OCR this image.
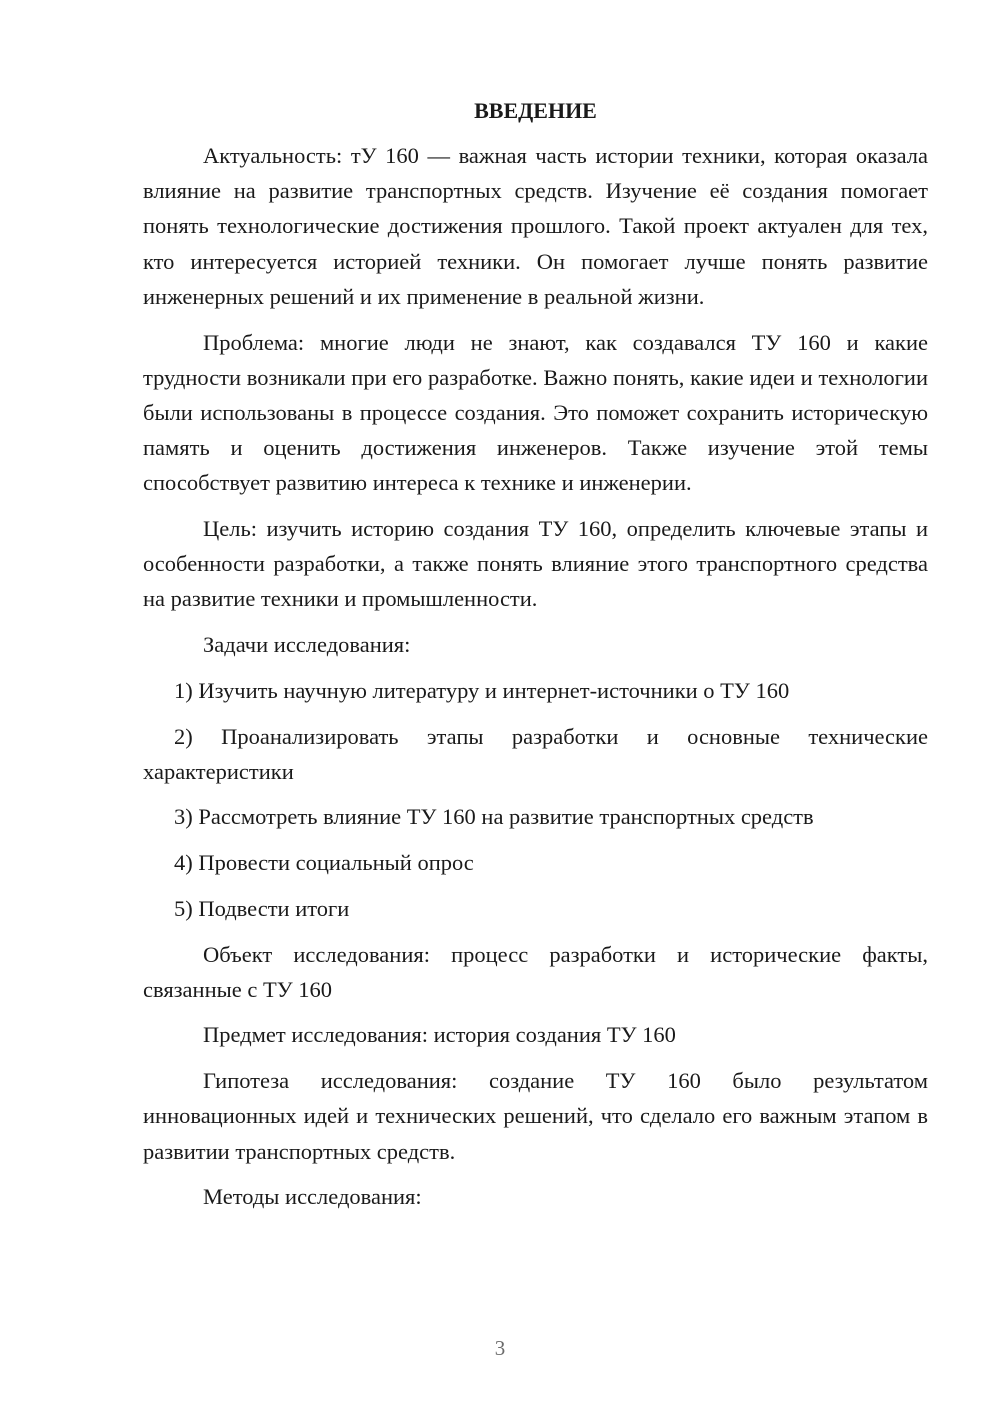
ВВЕДЕНИЕ

Актуальность: тУ 160 — важная часть истории техники, которая оказала влияние на развитие транспортных средств. Изучение её создания помогает понять технологические достижения прошлого. Такой проект актуален для тех, кто интересуется историей техники. Он помогает лучше понять развитие инженерных решений и их применение в реальной жизни.

Проблема: многие люди не знают, как создавался ТУ 160 и какие трудности возникали при его разработке. Важно понять, какие идеи и технологии были использованы в процессе создания. Это поможет сохранить историческую память и оценить достижения инженеров. Также изучение этой темы способствует развитию интереса к технике и инженерии.

Цель: изучить историю создания ТУ 160, определить ключевые этапы и особенности разработки, а также понять влияние этого транспортного средства на развитие техники и промышленности.

Задачи исследования:

1) Изучить научную литературу и интернет-источники о ТУ 160
2) Проанализировать этапы разработки и основные технические характеристики
3) Рассмотреть влияние ТУ 160 на развитие транспортных средств
4) Провести социальный опрос
5) Подвести итоги

Объект исследования: процесс разработки и исторические факты, связанные с ТУ 160

Предмет исследования: история создания ТУ 160

Гипотеза исследования: создание ТУ 160 было результатом инновационных идей и технических решений, что сделало его важным этапом в развитии транспортных средств.

Методы исследования:

3
